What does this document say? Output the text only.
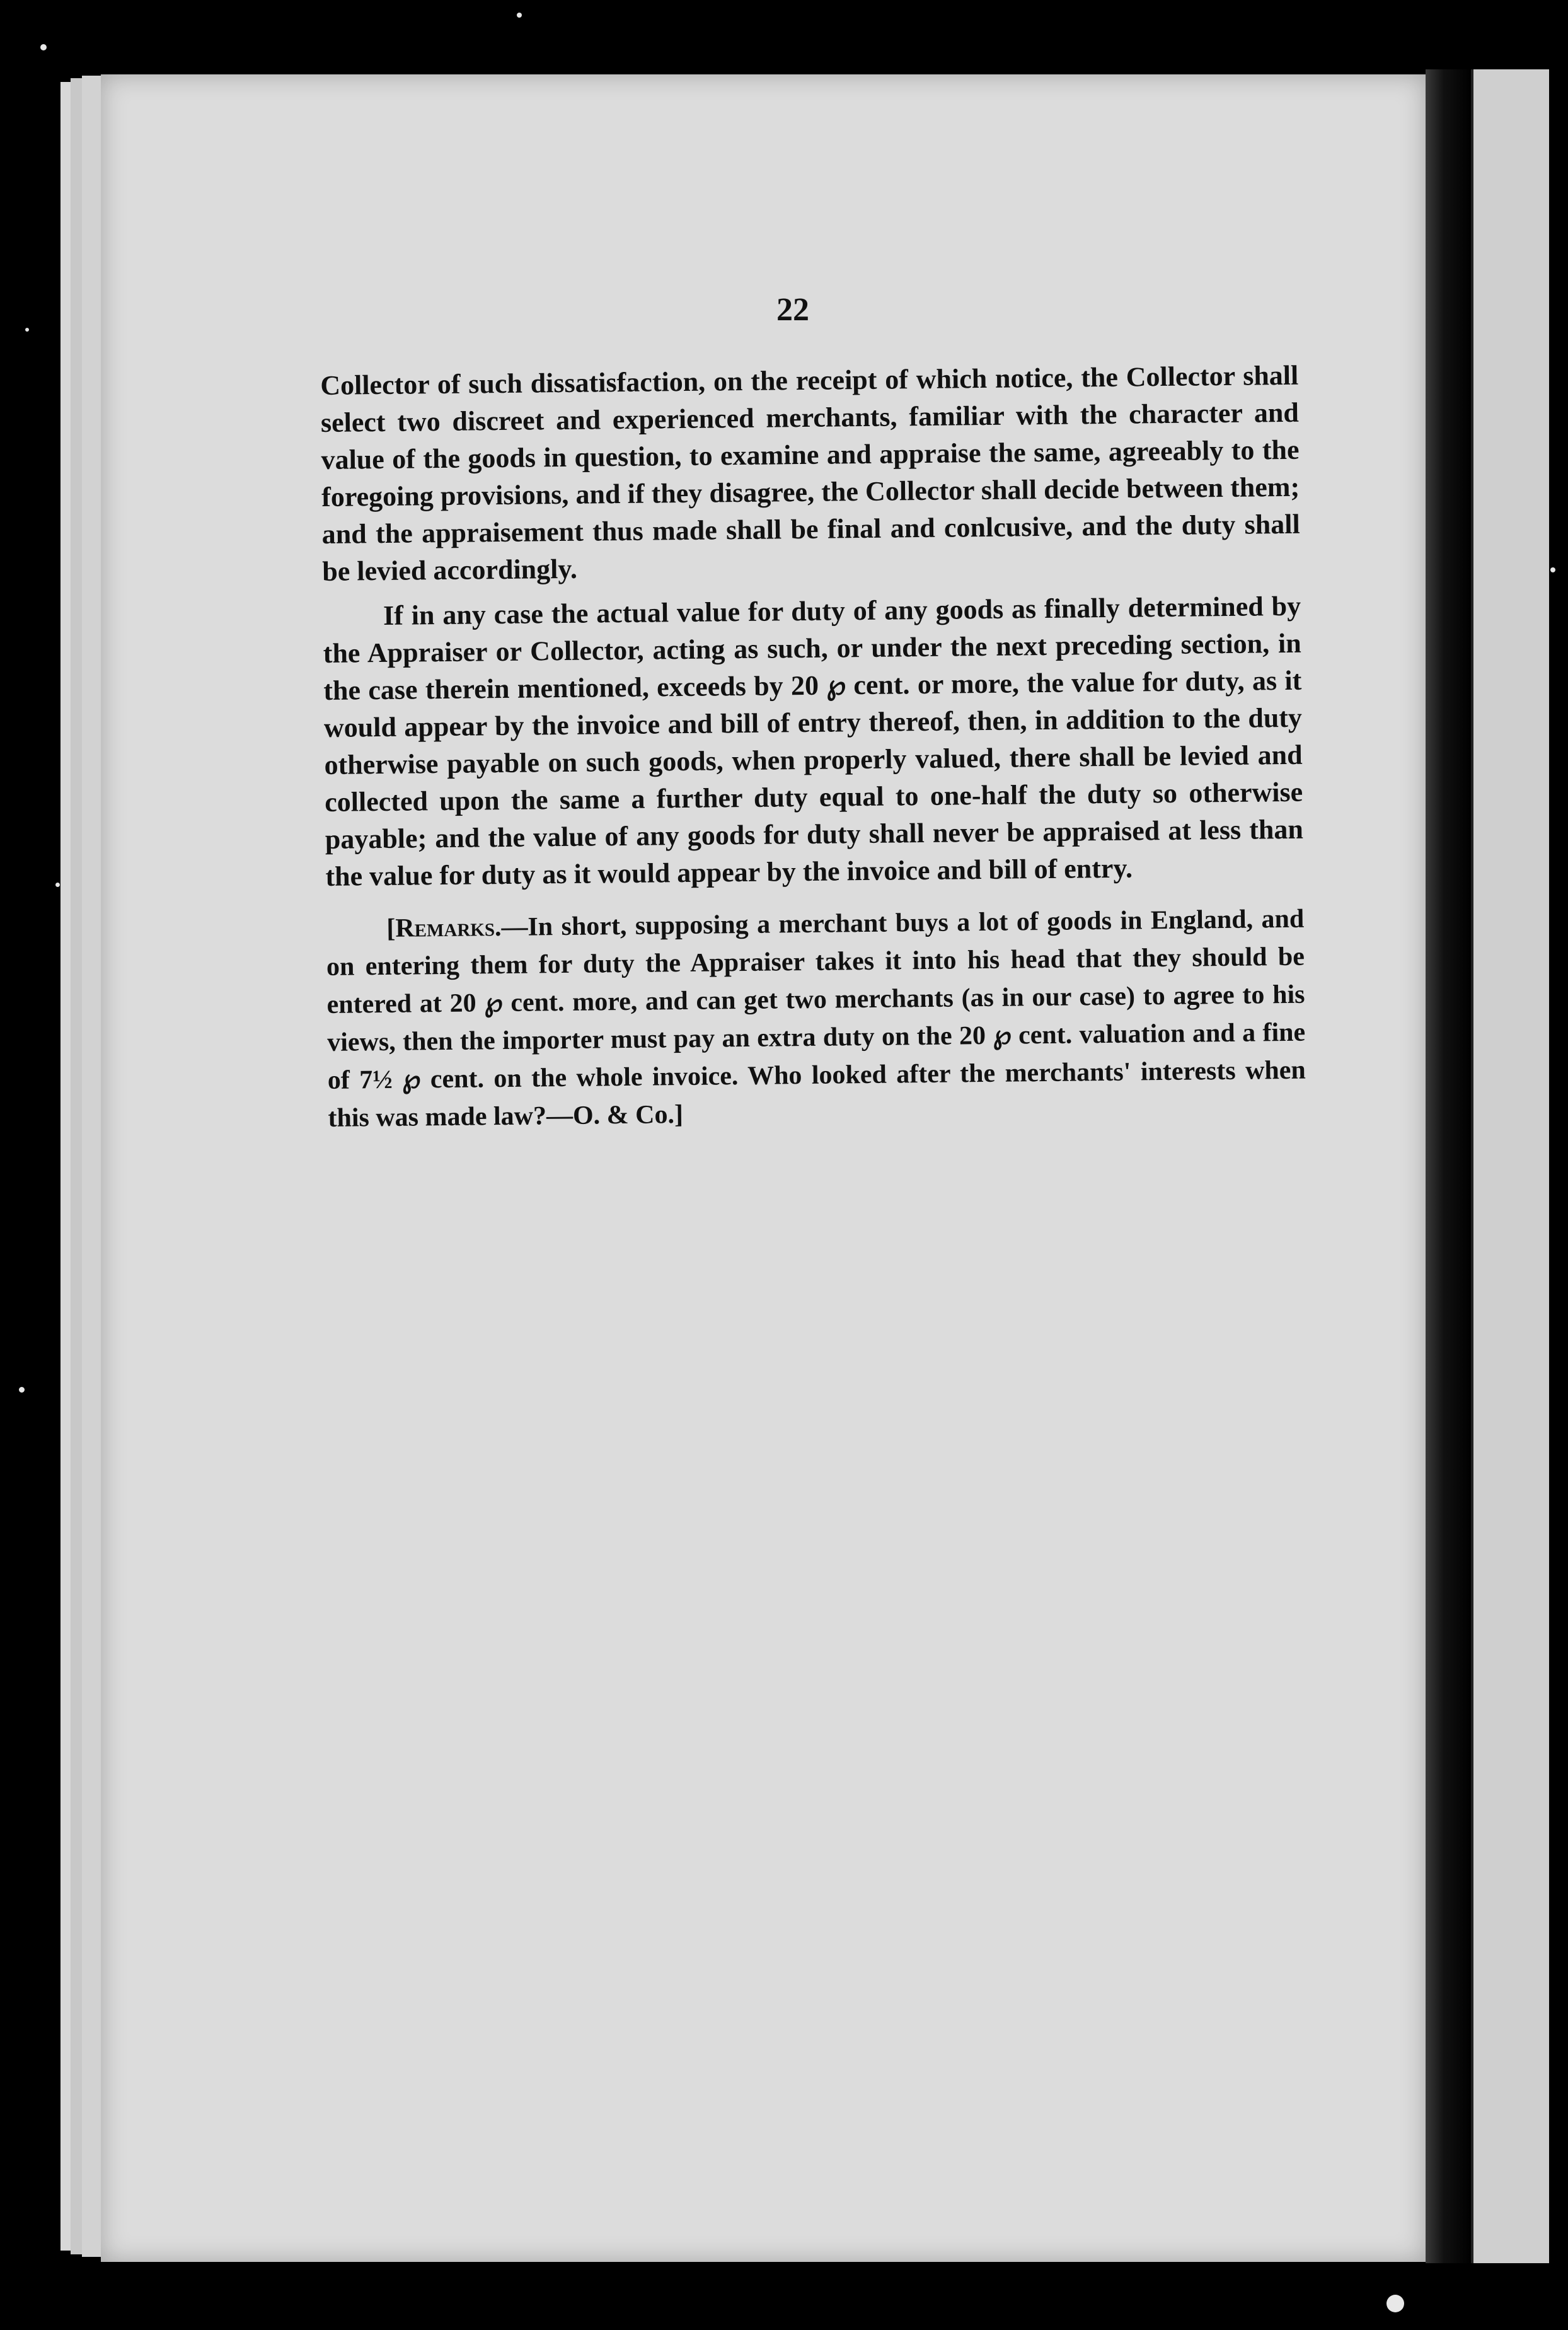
22

Collector of such dissatisfaction, on the receipt of which notice, the Collector shall select two discreet and experienced merchants, familiar with the character and value of the goods in question, to examine and appraise the same, agreeably to the foregoing provisions, and if they disagree, the Collector shall decide between them; and the appraisement thus made shall be final and conlcusive, and the duty shall be levied accordingly.

If in any case the actual value for duty of any goods as finally determined by the Appraiser or Collector, acting as such, or under the next preceding section, in the case therein mentioned, exceeds by 20 ℘ cent. or more, the value for duty, as it would appear by the invoice and bill of entry thereof, then, in addition to the duty otherwise payable on such goods, when properly valued, there shall be levied and collected upon the same a further duty equal to one-half the duty so otherwise payable; and the value of any goods for duty shall never be appraised at less than the value for duty as it would appear by the invoice and bill of entry.

[Remarks.—In short, supposing a merchant buys a lot of goods in England, and on entering them for duty the Appraiser takes it into his head that they should be entered at 20 ℘ cent. more, and can get two merchants (as in our case) to agree to his views, then the importer must pay an extra duty on the 20 ℘ cent. valuation and a fine of 7½ ℘ cent. on the whole invoice. Who looked after the merchants' interests when this was made law?—O. & Co.]
